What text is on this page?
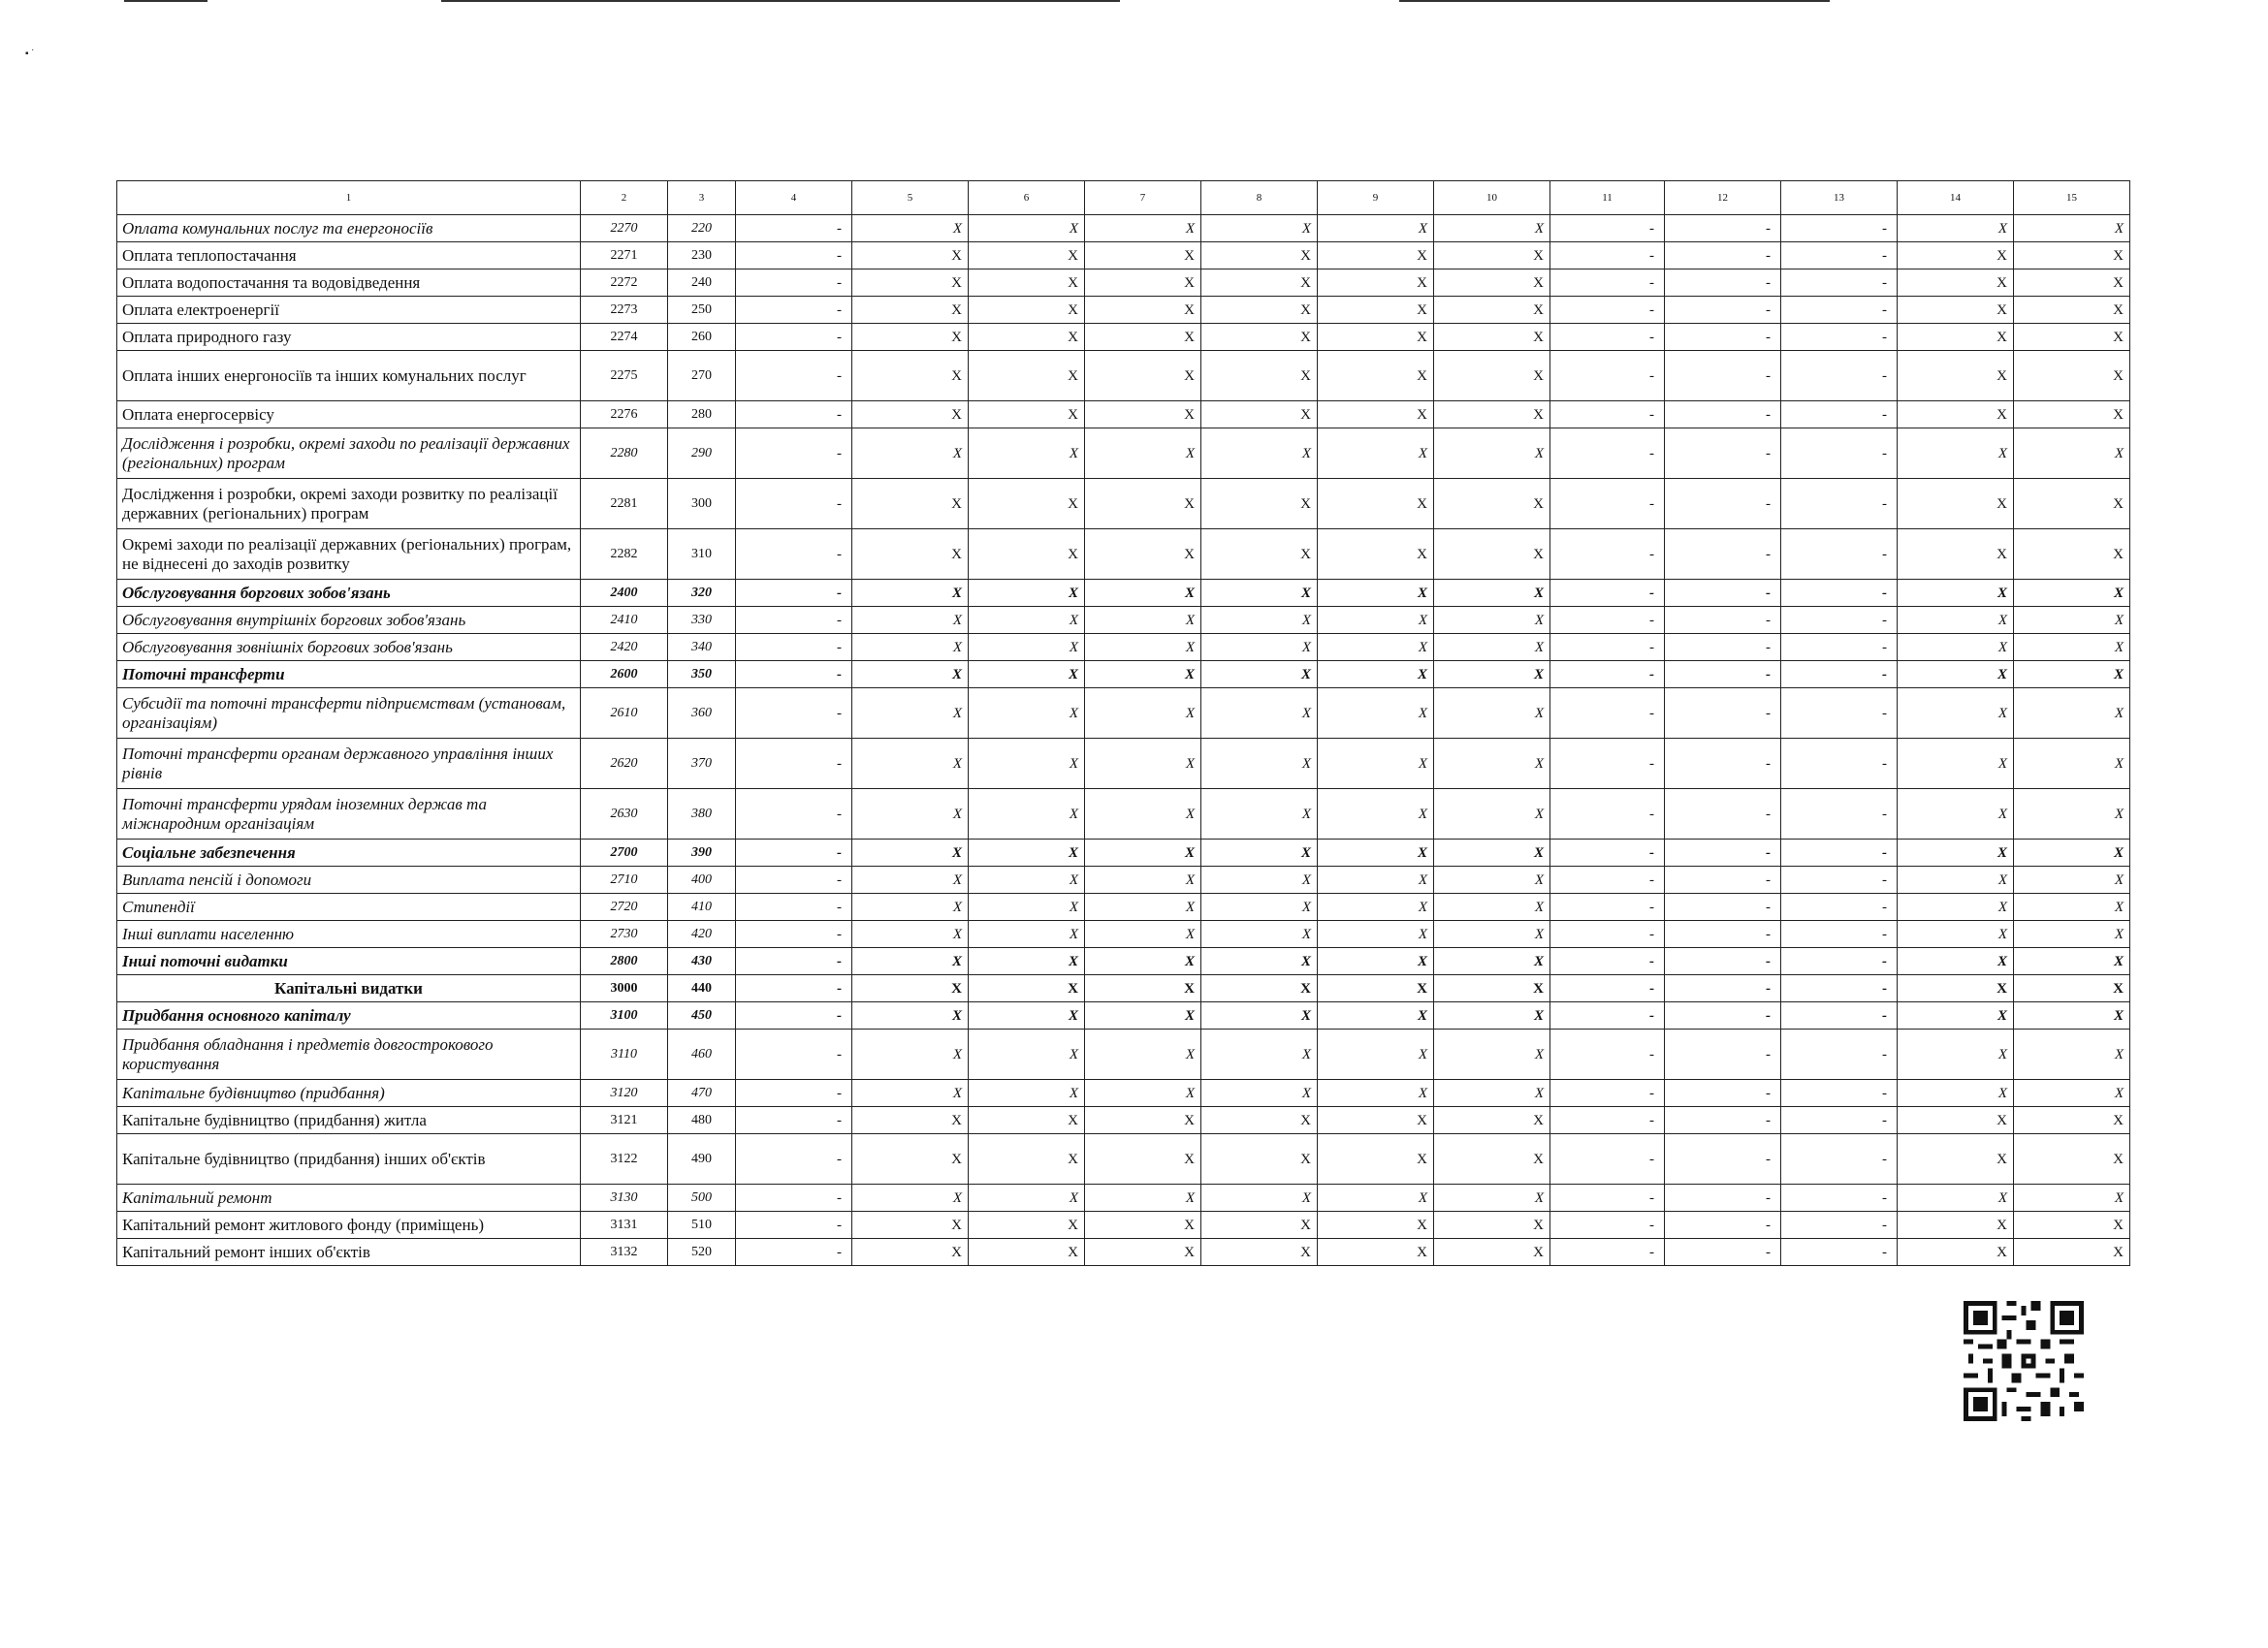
▪ ˙
1	2	3	4	5	6	7	8	9	10	11	12	13	14	15
Оплата комунальних послуг та енергоносіїв	2270	220	-	X	X	X	X	X	X	-	-	-	X	X
Оплата теплопостачання	2271	230	-	X	X	X	X	X	X	-	-	-	X	X
Оплата водопостачання та водовідведення	2272	240	-	X	X	X	X	X	X	-	-	-	X	X
Оплата електроенергії	2273	250	-	X	X	X	X	X	X	-	-	-	X	X
Оплата природного газу	2274	260	-	X	X	X	X	X	X	-	-	-	X	X
Оплата інших енергоносіїв та інших комунальних послуг	2275	270	-	X	X	X	X	X	X	-	-	-	X	X
Оплата енергосервісу	2276	280	-	X	X	X	X	X	X	-	-	-	X	X
Дослідження і розробки, окремі заходи по реалізації державних (регіональних) програм	2280	290	-	X	X	X	X	X	X	-	-	-	X	X
Дослідження і розробки, окремі заходи розвитку по реалізації державних (регіональних) програм	2281	300	-	X	X	X	X	X	X	-	-	-	X	X
Окремі заходи по реалізації державних (регіональних) програм, не віднесені до заходів розвитку	2282	310	-	X	X	X	X	X	X	-	-	-	X	X
Обслуговування боргових зобов'язань	2400	320	-	X	X	X	X	X	X	-	-	-	X	X
Обслуговування внутрішніх боргових зобов'язань	2410	330	-	X	X	X	X	X	X	-	-	-	X	X
Обслуговування зовнішніх боргових зобов'язань	2420	340	-	X	X	X	X	X	X	-	-	-	X	X
Поточні трансферти	2600	350	-	X	X	X	X	X	X	-	-	-	X	X
Субсидії та поточні трансферти підприємствам (установам, організаціям)	2610	360	-	X	X	X	X	X	X	-	-	-	X	X
Поточні трансферти органам державного управління інших рівнів	2620	370	-	X	X	X	X	X	X	-	-	-	X	X
Поточні трансферти урядам іноземних держав та міжнародним організаціям	2630	380	-	X	X	X	X	X	X	-	-	-	X	X
Соціальне забезпечення	2700	390	-	X	X	X	X	X	X	-	-	-	X	X
Виплата пенсій і допомоги	2710	400	-	X	X	X	X	X	X	-	-	-	X	X
Стипендії	2720	410	-	X	X	X	X	X	X	-	-	-	X	X
Інші виплати населенню	2730	420	-	X	X	X	X	X	X	-	-	-	X	X
Інші поточні видатки	2800	430	-	X	X	X	X	X	X	-	-	-	X	X
Капітальні видатки	3000	440	-	X	X	X	X	X	X	-	-	-	X	X
Придбання основного капіталу	3100	450	-	X	X	X	X	X	X	-	-	-	X	X
Придбання обладнання і предметів довгострокового користування	3110	460	-	X	X	X	X	X	X	-	-	-	X	X
Капітальне будівництво (придбання)	3120	470	-	X	X	X	X	X	X	-	-	-	X	X
Капітальне будівництво (придбання) житла	3121	480	-	X	X	X	X	X	X	-	-	-	X	X
Капітальне будівництво (придбання) інших об'єктів	3122	490	-	X	X	X	X	X	X	-	-	-	X	X
Капітальний ремонт	3130	500	-	X	X	X	X	X	X	-	-	-	X	X
Капітальний ремонт житлового фонду (приміщень)	3131	510	-	X	X	X	X	X	X	-	-	-	X	X
Капітальний ремонт інших об'єктів	3132	520	-	X	X	X	X	X	X	-	-	-	X	X
